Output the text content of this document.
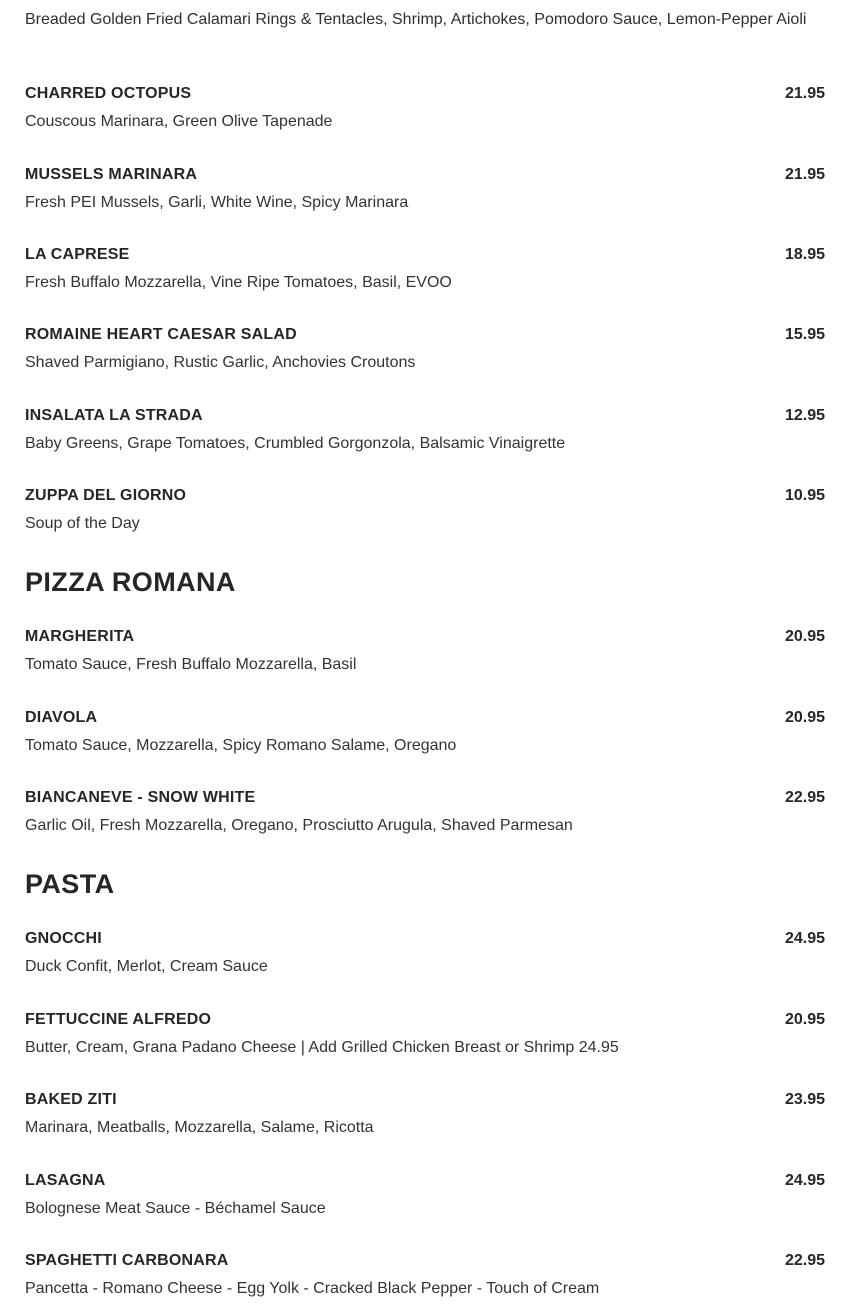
Breaded Golden Fried Calamari Rings & Tentacles, Shrimp, Artichokes, Pomodoro Sauce, Lemon-Pepper Aioli
CHARRED OCTOPUS	21.95
Couscous Marinara, Green Olive Tapenade
MUSSELS MARINARA	21.95
Fresh PEI Mussels, Garli, White Wine, Spicy Marinara
LA CAPRESE	18.95
Fresh Buffalo Mozzarella, Vine Ripe Tomatoes, Basil, EVOO
ROMAINE HEART CAESAR SALAD	15.95
Shaved Parmigiano, Rustic Garlic, Anchovies Croutons
INSALATA LA STRADA	12.95
Baby Greens, Grape Tomatoes, Crumbled Gorgonzola, Balsamic Vinaigrette
ZUPPA DEL GIORNO	10.95
Soup of the Day
PIZZA ROMANA
MARGHERITA	20.95
Tomato Sauce, Fresh Buffalo Mozzarella, Basil
DIAVOLA	20.95
Tomato Sauce, Mozzarella, Spicy Romano Salame, Oregano
BIANCANEVE - SNOW WHITE	22.95
Garlic Oil, Fresh Mozzarella, Oregano, Prosciutto Arugula, Shaved Parmesan
PASTA
GNOCCHI	24.95
Duck Confit, Merlot, Cream Sauce
FETTUCCINE ALFREDO	20.95
Butter, Cream, Grana Padano Cheese | Add Grilled Chicken Breast or Shrimp 24.95
BAKED ZITI	23.95
Marinara, Meatballs, Mozzarella, Salame, Ricotta
LASAGNA	24.95
Bolognese Meat Sauce - Béchamel Sauce
SPAGHETTI CARBONARA	22.95
Pancetta - Romano Cheese - Egg Yolk - Cracked Black Pepper - Touch of Cream
